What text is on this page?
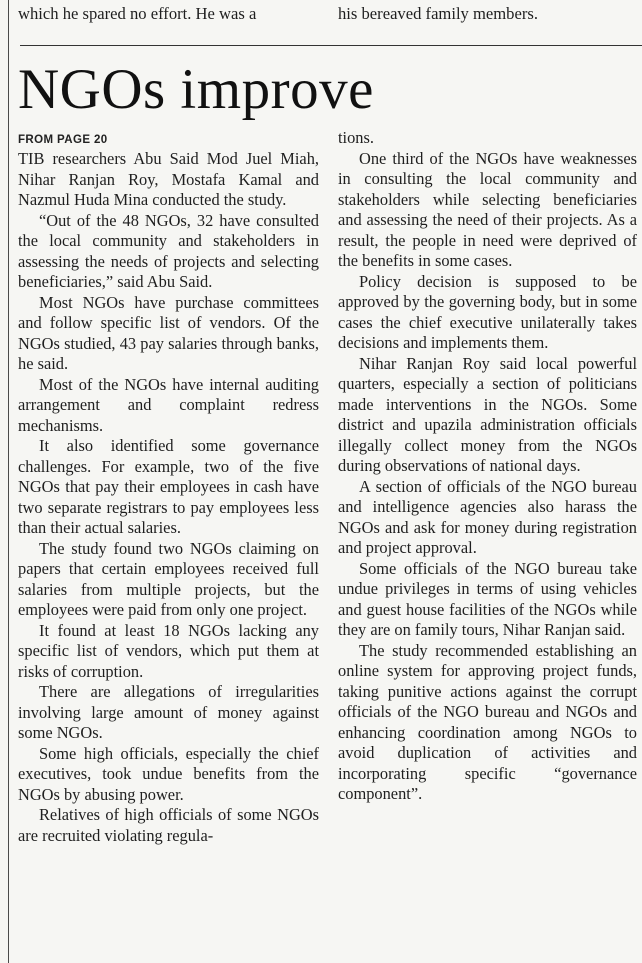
which he spared no effort. He was a	his bereaved family members.

NGOs improve
FROM PAGE 20

TIB researchers Abu Said Mod Juel Miah, Nihar Ranjan Roy, Mostafa Kamal and Nazmul Huda Mina conducted the study.

“Out of the 48 NGOs, 32 have consulted the local community and stakeholders in assessing the needs of projects and selecting beneficiaries,” said Abu Said.

Most NGOs have purchase committees and follow specific list of vendors. Of the NGOs studied, 43 pay salaries through banks, he said.

Most of the NGOs have internal auditing arrangement and complaint redress mechanisms.

It also identified some governance challenges. For example, two of the five NGOs that pay their employees in cash have two separate registrars to pay employees less than their actual salaries.

The study found two NGOs claiming on papers that certain employees received full salaries from multiple projects, but the employees were paid from only one project.

It found at least 18 NGOs lacking any specific list of vendors, which put them at risks of corruption.

There are allegations of irregularities involving large amount of money against some NGOs.

Some high officials, especially the chief executives, took undue benefits from the NGOs by abusing power.

Relatives of high officials of some NGOs are recruited violating regula-

tions.

One third of the NGOs have weaknesses in consulting the local community and stakeholders while selecting beneficiaries and assessing the need of their projects. As a result, the people in need were deprived of the benefits in some cases.

Policy decision is supposed to be approved by the governing body, but in some cases the chief executive unilaterally takes decisions and implements them.

Nihar Ranjan Roy said local powerful quarters, especially a section of politicians made interventions in the NGOs. Some district and upazila administration officials illegally collect money from the NGOs during observations of national days.

A section of officials of the NGO bureau and intelligence agencies also harass the NGOs and ask for money during registration and project approval.

Some officials of the NGO bureau take undue privileges in terms of using vehicles and guest house facilities of the NGOs while they are on family tours, Nihar Ranjan said.

The study recommended establishing an online system for approving project funds, taking punitive actions against the corrupt officials of the NGO bureau and NGOs and enhancing coordination among NGOs to avoid duplication of activities and incorporating specific “governance component”.
